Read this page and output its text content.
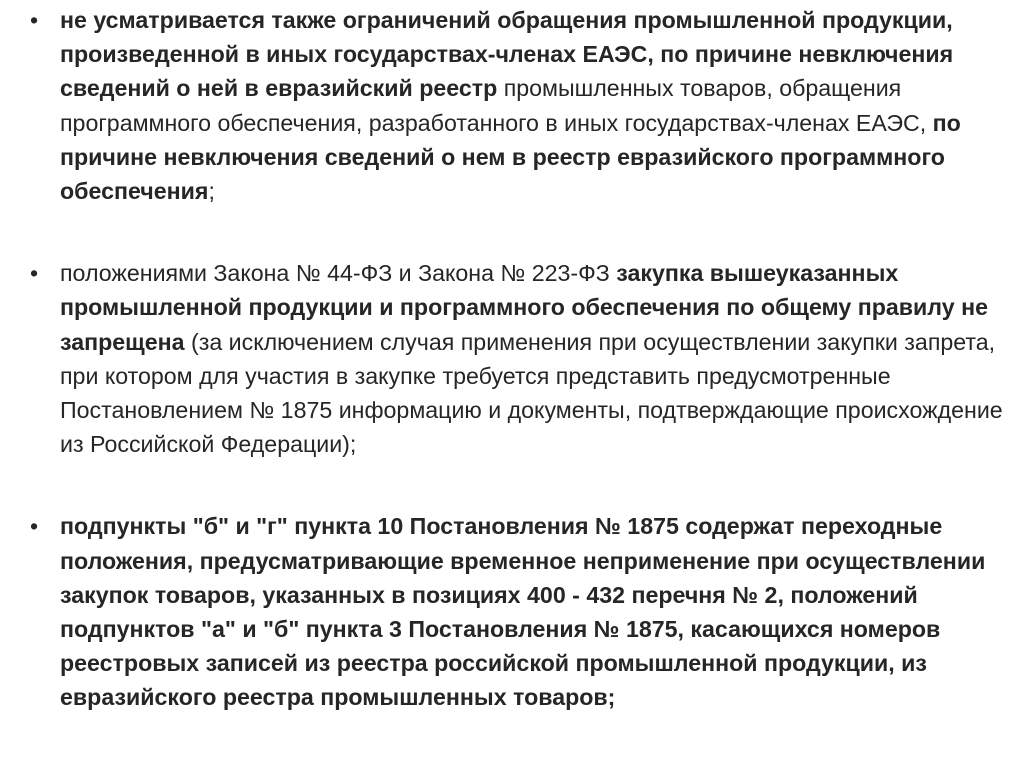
• не усматривается также ограничений обращения промышленной продукции, произведенной в иных государствах-членах ЕАЭС, по причине невключения сведений о ней в евразийский реестр промышленных товаров, обращения программного обеспечения, разработанного в иных государствах-членах ЕАЭС, по причине невключения сведений о нем в реестр евразийского программного обеспечения;
• положениями Закона № 44-ФЗ и Закона № 223-ФЗ закупка вышеуказанных промышленной продукции и программного обеспечения по общему правилу не запрещена (за исключением случая применения при осуществлении закупки запрета, при котором для участия в закупке требуется представить предусмотренные Постановлением № 1875 информацию и документы, подтверждающие происхождение из Российской Федерации);
• подпункты "б" и "г" пункта 10 Постановления № 1875 содержат переходные положения, предусматривающие временное неприменение при осуществлении закупок товаров, указанных в позициях 400 - 432 перечня № 2, положений подпунктов "а" и "б" пункта 3 Постановления № 1875, касающихся номеров реестровых записей из реестра российской промышленной продукции, из евразийского реестра промышленных товаров;
